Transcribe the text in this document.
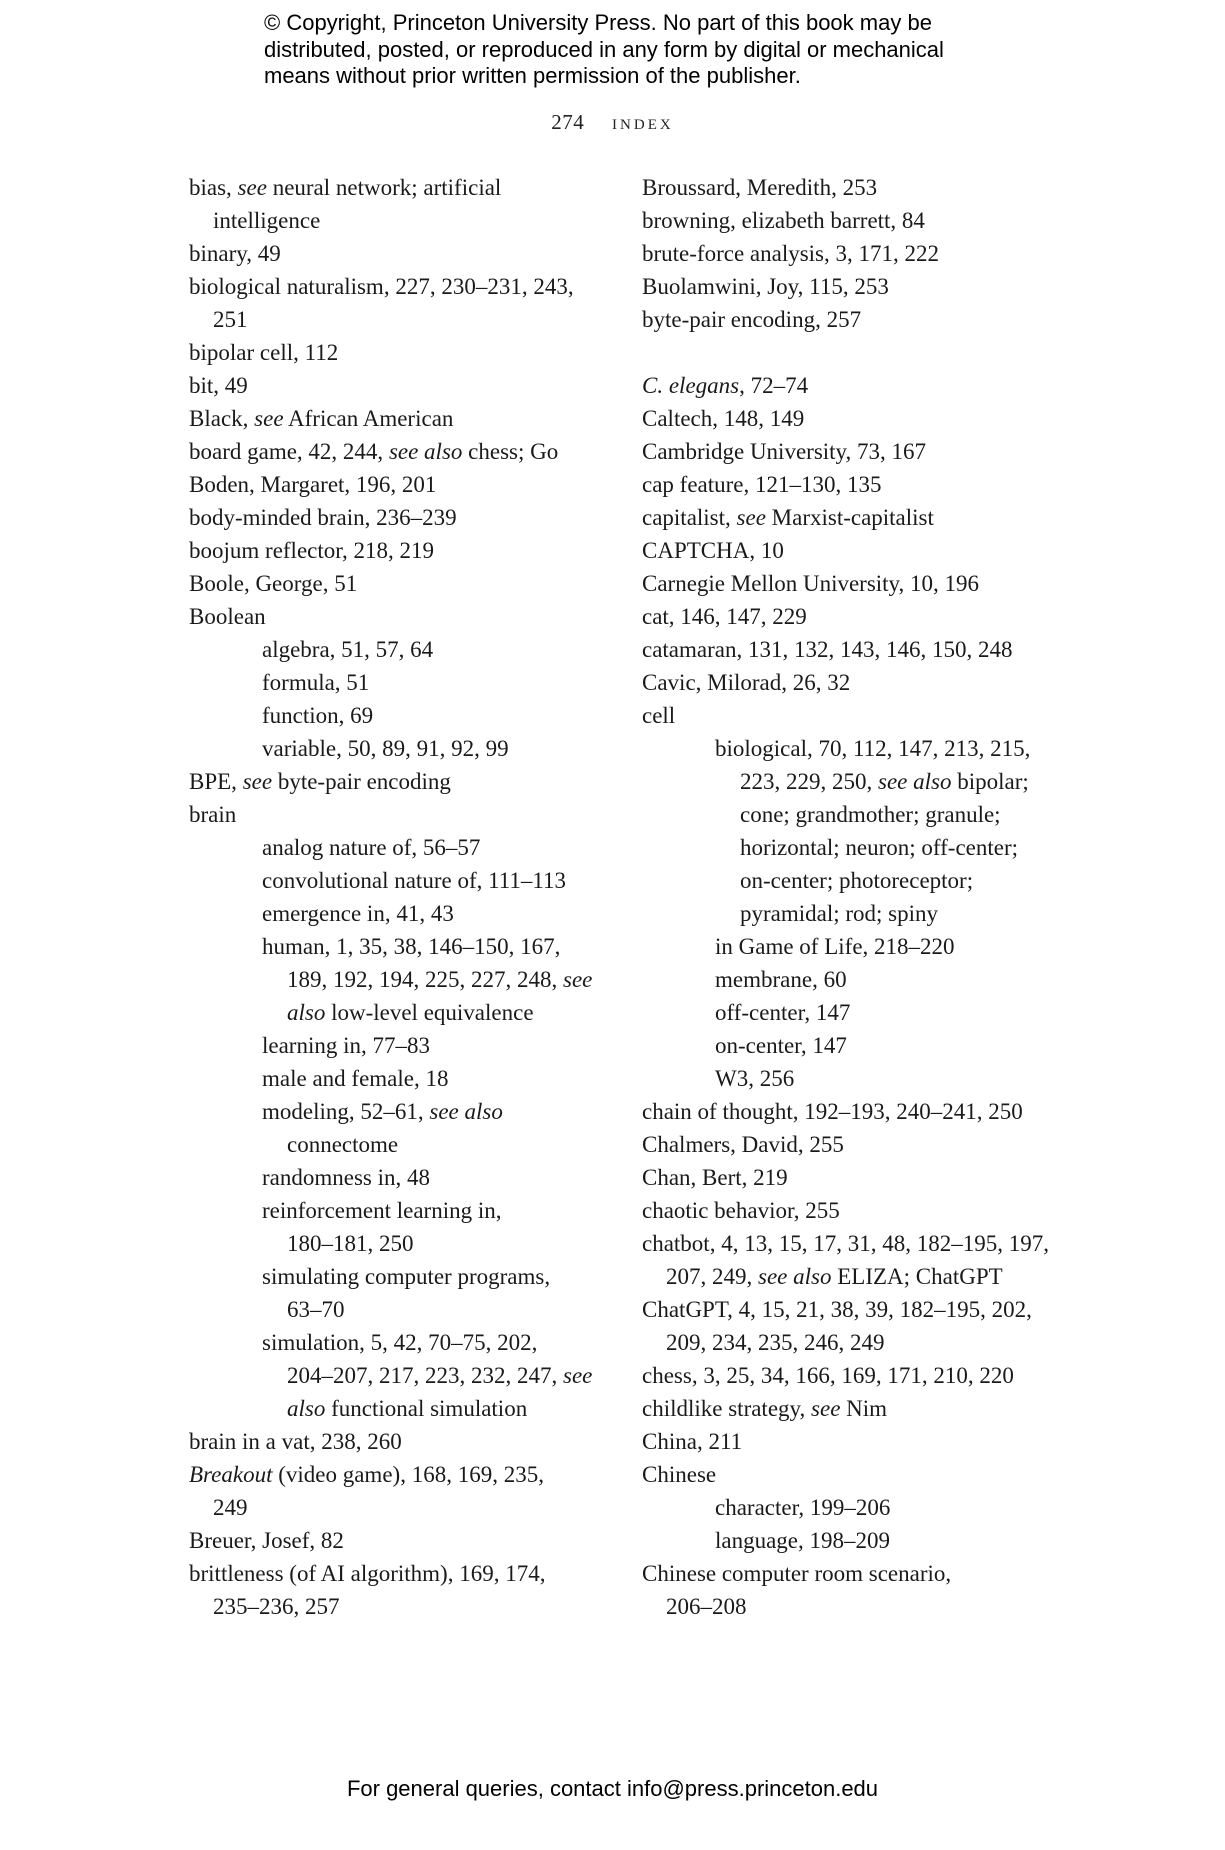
© Copyright, Princeton University Press. No part of this book may be
distributed, posted, or reproduced in any form by digital or mechanical
means without prior written permission of the publisher.
274 index
bias, see neural network; artificial
intelligence
binary, 49
biological naturalism, 227, 230–231, 243,
251
bipolar cell, 112
bit, 49
Black, see African American
board game, 42, 244, see also chess; Go
Boden, Margaret, 196, 201
body-minded brain, 236–239
boojum reflector, 218, 219
Boole, George, 51
Boolean
algebra, 51, 57, 64
formula, 51
function, 69
variable, 50, 89, 91, 92, 99
BPE, see byte-pair encoding
brain
analog nature of, 56–57
convolutional nature of, 111–113
emergence in, 41, 43
human, 1, 35, 38, 146–150, 167,
189, 192, 194, 225, 227, 248, see
also low-level equivalence
learning in, 77–83
male and female, 18
modeling, 52–61, see also
connectome
randomness in, 48
reinforcement learning in,
180–181, 250
simulating computer programs,
63–70
simulation, 5, 42, 70–75, 202,
204–207, 217, 223, 232, 247, see
also functional simulation
brain in a vat, 238, 260
Breakout (video game), 168, 169, 235,
249
Breuer, Josef, 82
brittleness (of AI algorithm), 169, 174,
235–236, 257
Broussard, Meredith, 253
browning, elizabeth barrett, 84
brute-force analysis, 3, 171, 222
Buolamwini, Joy, 115, 253
byte-pair encoding, 257
C. elegans, 72–74
Caltech, 148, 149
Cambridge University, 73, 167
cap feature, 121–130, 135
capitalist, see Marxist-capitalist
CAPTCHA, 10
Carnegie Mellon University, 10, 196
cat, 146, 147, 229
catamaran, 131, 132, 143, 146, 150, 248
Cavic, Milorad, 26, 32
cell
biological, 70, 112, 147, 213, 215,
223, 229, 250, see also bipolar;
cone; grandmother; granule;
horizontal; neuron; off-center;
on-center; photoreceptor;
pyramidal; rod; spiny
in Game of Life, 218–220
membrane, 60
off-center, 147
on-center, 147
W3, 256
chain of thought, 192–193, 240–241, 250
Chalmers, David, 255
Chan, Bert, 219
chaotic behavior, 255
chatbot, 4, 13, 15, 17, 31, 48, 182–195, 197,
207, 249, see also ELIZA; ChatGPT
ChatGPT, 4, 15, 21, 38, 39, 182–195, 202,
209, 234, 235, 246, 249
chess, 3, 25, 34, 166, 169, 171, 210, 220
childlike strategy, see Nim
China, 211
Chinese
character, 199–206
language, 198–209
Chinese computer room scenario,
206–208
For general queries, contact info@press.princeton.edu
